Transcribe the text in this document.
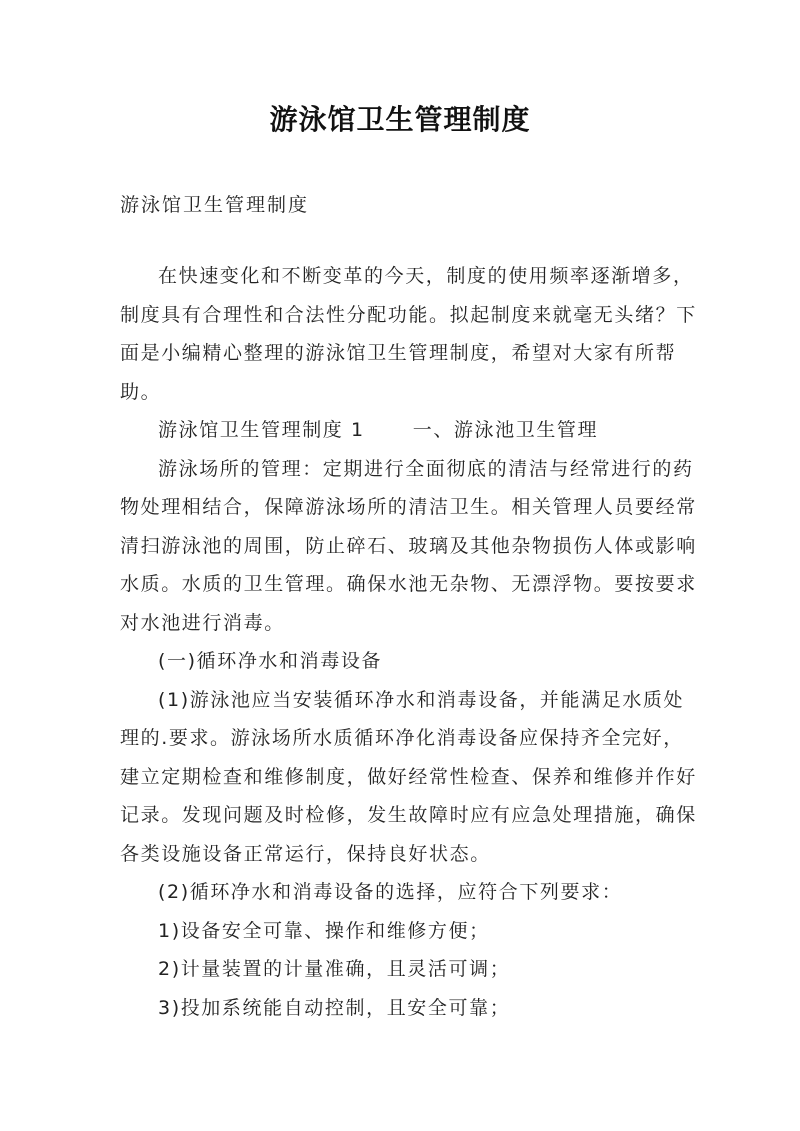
游泳馆卫生管理制度
游泳馆卫生管理制度

在快速变化和不断变革的今天，制度的使用频率逐渐增多，制度具有合理性和合法性分配功能。拟起制度来就毫无头绪？下面是小编精心整理的游泳馆卫生管理制度，希望对大家有所帮助。

游泳馆卫生管理制度 1	一、游泳池卫生管理

游泳场所的管理：定期进行全面彻底的清洁与经常进行的药物处理相结合，保障游泳场所的清洁卫生。相关管理人员要经常清扫游泳池的周围，防止碎石、玻璃及其他杂物损伤人体或影响水质。水质的卫生管理。确保水池无杂物、无漂浮物。要按要求对水池进行消毒。

(一)循环净水和消毒设备

(1)游泳池应当安装循环净水和消毒设备，并能满足水质处理的.要求。游泳场所水质循环净化消毒设备应保持齐全完好，建立定期检查和维修制度，做好经常性检查、保养和维修并作好记录。发现问题及时检修，发生故障时应有应急处理措施，确保各类设施设备正常运行，保持良好状态。

(2)循环净水和消毒设备的选择，应符合下列要求：

1)设备安全可靠、操作和维修方便；

2)计量装置的计量准确，且灵活可调；

3)投加系统能自动控制，且安全可靠；
